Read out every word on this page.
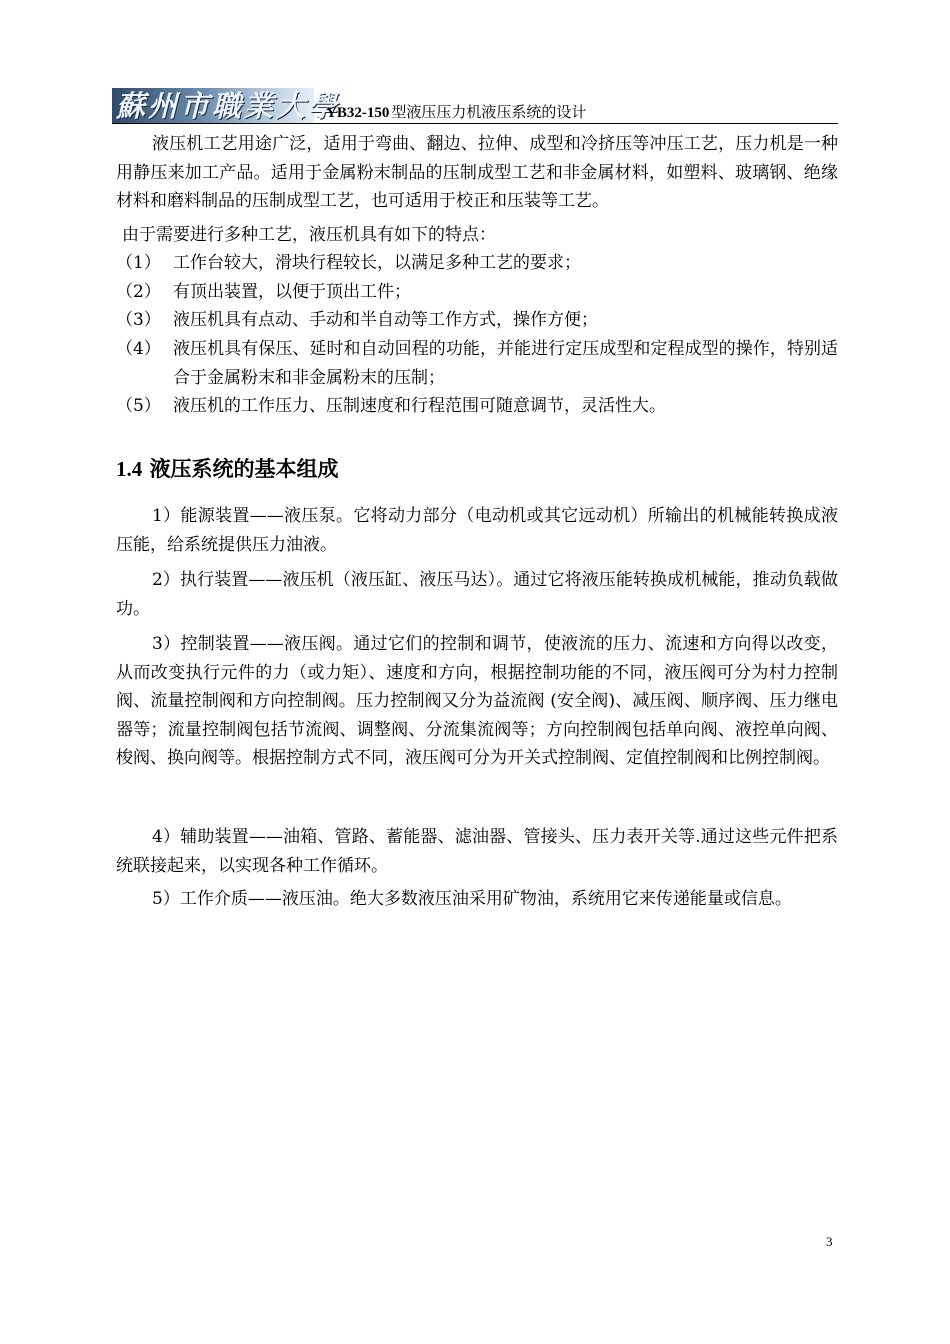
蘇州市職業大學
YB32-150 型液压压力机液压系统的设计

液压机工艺用途广泛，适用于弯曲、翻边、拉伸、成型和冷挤压等冲压工艺，压力机是一种用静压来加工产品。适用于金属粉末制品的压制成型工艺和非金属材料，如塑料、玻璃钢、绝缘材料和磨料制品的压制成型工艺，也可适用于校正和压装等工艺。

由于需要进行多种工艺，液压机具有如下的特点：

（1） 工作台较大，滑块行程较长，以满足多种工艺的要求；
（2） 有顶出装置，以便于顶出工件；
（3） 液压机具有点动、手动和半自动等工作方式，操作方便；
（4） 液压机具有保压、延时和自动回程的功能，并能进行定压成型和定程成型的操作，特别适合于金属粉末和非金属粉末的压制；
（5） 液压机的工作压力、压制速度和行程范围可随意调节，灵活性大。
1.4 液压系统的基本组成

1）能源装置——液压泵。它将动力部分（电动机或其它远动机）所输出的机械能转换成液压能，给系统提供压力油液。

2）执行装置——液压机（液压缸、液压马达）。通过它将液压能转换成机械能，推动负载做功。

3）控制装置——液压阀。通过它们的控制和调节，使液流的压力、流速和方向得以改变，从而改变执行元件的力（或力矩）、速度和方向，根据控制功能的不同，液压阀可分为村力控制阀、流量控制阀和方向控制阀。压力控制阀又分为益流阀 (安全阀)、减压阀、顺序阀、压力继电器等；流量控制阀包括节流阀、调整阀、分流集流阀等；方向控制阀包括单向阀、液控单向阀、梭阀、换向阀等。根据控制方式不同，液压阀可分为开关式控制阀、定值控制阀和比例控制阀。

4）辅助装置——油箱、管路、蓄能器、滤油器、管接头、压力表开关等.通过这些元件把系统联接起来，以实现各种工作循环。

5）工作介质——液压油。绝大多数液压油采用矿物油，系统用它来传递能量或信息。

3
